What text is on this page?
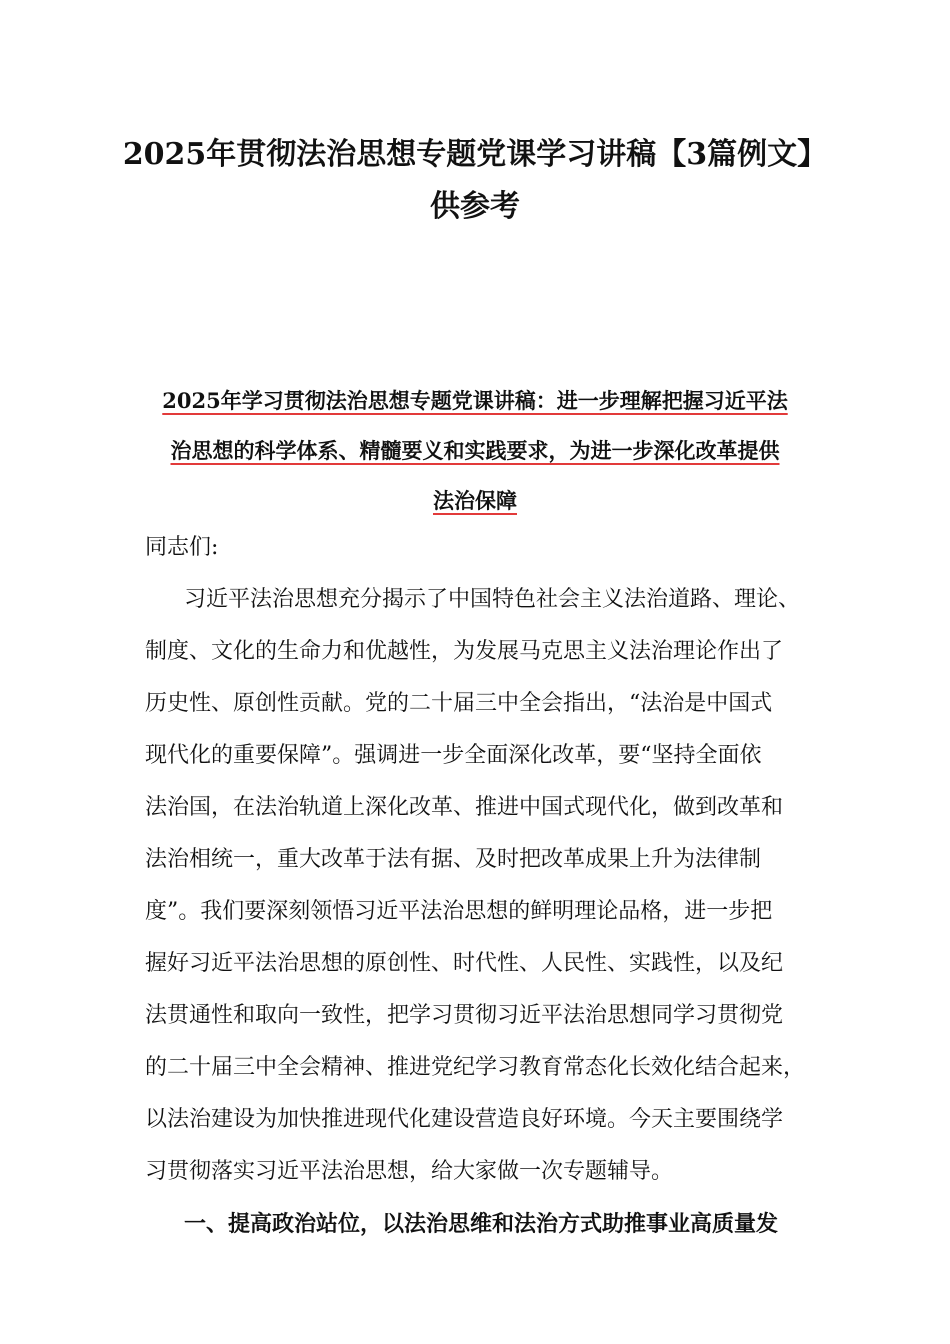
2025年贯彻法治思想专题党课学习讲稿【3篇例文】
供参考
2025年学习贯彻法治思想专题党课讲稿：进一步理解把握习近平法
治思想的科学体系、精髓要义和实践要求，为进一步深化改革提供
法治保障

同志们:

习近平法治思想充分揭示了中国特色社会主义法治道路、理论、

制度、文化的生命力和优越性，为发展马克思主义法治理论作出了

历史性、原创性贡献。党的二十届三中全会指出，“法治是中国式

现代化的重要保障”。强调进一步全面深化改革，要“坚持全面依

法治国，在法治轨道上深化改革、推进中国式现代化，做到改革和

法治相统一，重大改革于法有据、及时把改革成果上升为法律制

度”。我们要深刻领悟习近平法治思想的鲜明理论品格，进一步把

握好习近平法治思想的原创性、时代性、人民性、实践性，以及纪

法贯通性和取向一致性，把学习贯彻习近平法治思想同学习贯彻党

的二十届三中全会精神、推进党纪学习教育常态化长效化结合起来，

以法治建设为加快推进现代化建设营造良好环境。今天主要围绕学

习贯彻落实习近平法治思想，给大家做一次专题辅导。

一、提高政治站位，以法治思维和法治方式助推事业高质量发
